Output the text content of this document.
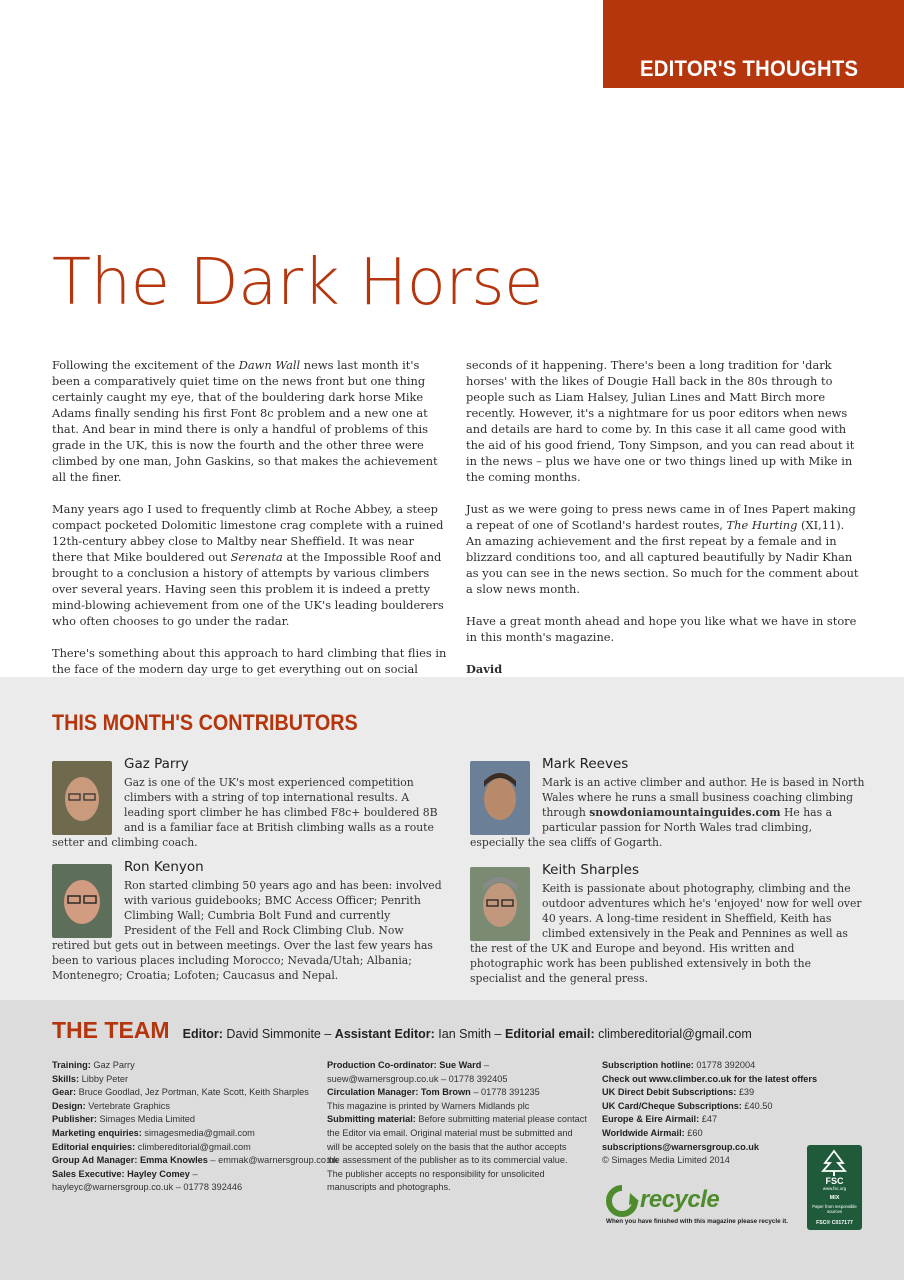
EDITOR'S THOUGHTS
The Dark Horse

Following the excitement of the Dawn Wall news last month it's been a comparatively quiet time on the news front but one thing certainly caught my eye, that of the bouldering dark horse Mike Adams finally sending his first Font 8c problem and a new one at that. And bear in mind there is only a handful of problems of this grade in the UK, this is now the fourth and the other three were climbed by one man, John Gaskins, so that makes the achievement all the finer.

Many years ago I used to frequently climb at Roche Abbey, a steep compact pocketed Dolomitic limestone crag complete with a ruined 12th-century abbey close to Maltby near Sheffield. It was near there that Mike bouldered out Serenata at the Impossible Roof and brought to a conclusion a history of attempts by various climbers over several years. Having seen this problem it is indeed a pretty mind-blowing achievement from one of the UK's leading boulderers who often chooses to go under the radar.

There's something about this approach to hard climbing that flies in the face of the modern day urge to get everything out on social

seconds of it happening. There's been a long tradition for 'dark horses' with the likes of Dougie Hall back in the 80s through to people such as Liam Halsey, Julian Lines and Matt Birch more recently. However, it's a nightmare for us poor editors when news and details are hard to come by. In this case it all came good with the aid of his good friend, Tony Simpson, and you can read about it in the news – plus we have one or two things lined up with Mike in the coming months.

Just as we were going to press news came in of Ines Papert making a repeat of one of Scotland's hardest routes, The Hurting (XI,11). An amazing achievement and the first repeat by a female and in blizzard conditions too, and all captured beautifully by Nadir Khan as you can see in the news section. So much for the comment about a slow news month.

Have a great month ahead and hope you like what we have in store in this month's magazine.

David

THIS MONTH'S CONTRIBUTORS
Gaz Parry
Gaz is one of the UK's most experienced competition climbers with a string of top international results. A leading sport climber he has climbed F8c+ bouldered 8B and is a familiar face at British climbing walls as a route setter and climbing coach.
Mark Reeves
Mark is an active climber and author. He is based in North Wales where he runs a small business coaching climbing through snowdoniamountainguides.com He has a particular passion for North Wales trad climbing, especially the sea cliffs of Gogarth.
Ron Kenyon
Ron started climbing 50 years ago and has been: involved with various guidebooks; BMC Access Officer; Penrith Climbing Wall; Cumbria Bolt Fund and currently President of the Fell and Rock Climbing Club. Now retired but gets out in between meetings. Over the last few years has been to various places including Morocco; Nevada/Utah; Albania; Montenegro; Croatia; Lofoten; Caucasus and Nepal.
Keith Sharples
Keith is passionate about photography, climbing and the outdoor adventures which he's 'enjoyed' now for well over 40 years. A long-time resident in Sheffield, Keith has climbed extensively in the Peak and Pennines as well as the rest of the UK and Europe and beyond. His written and photographic work has been published extensively in both the specialist and the general press.
THE TEAM Editor: David Simmonite – Assistant Editor: Ian Smith – Editorial email: climbereditorial@gmail.com
Training: Gaz Parry
Skills: Libby Peter
Gear: Bruce Goodlad, Jez Portman, Kate Scott, Keith Sharples
Design: Vertebrate Graphics
Publisher: Simages Media Limited
Marketing enquiries: simagesmedia@gmail.com
Editorial enquiries: climbereditorial@gmail.com
Group Ad Manager: Emma Knowles – emmak@warnersgroup.co.uk
Sales Executive: Hayley Comey –
hayleyc@warnersgroup.co.uk – 01778 392446
Production Co-ordinator: Sue Ward –
suew@warnersgroup.co.uk – 01778 392405
Circulation Manager: Tom Brown – 01778 391235
This magazine is printed by Warners Midlands plc
Submitting material: Before submitting material please contact
the Editor via email. Original material must be submitted and
will be accepted solely on the basis that the author accepts
the assessment of the publisher as to its commercial value.
The publisher accepts no responsibility for unsolicited
manuscripts and photographs.
Subscription hotline: 01778 392004
Check out www.climber.co.uk for the latest offers
UK Direct Debit Subscriptions: £39
UK Card/Cheque Subscriptions: £40.50
Europe & Eire Airmail: £47
Worldwide Airmail: £60
subscriptions@warnersgroup.co.uk
© Simages Media Limited 2014
recycle
When you have finished with this magazine please recycle it.
FSC
www.fsc.org
MIX
Paper from responsible sources
FSC® C017177
